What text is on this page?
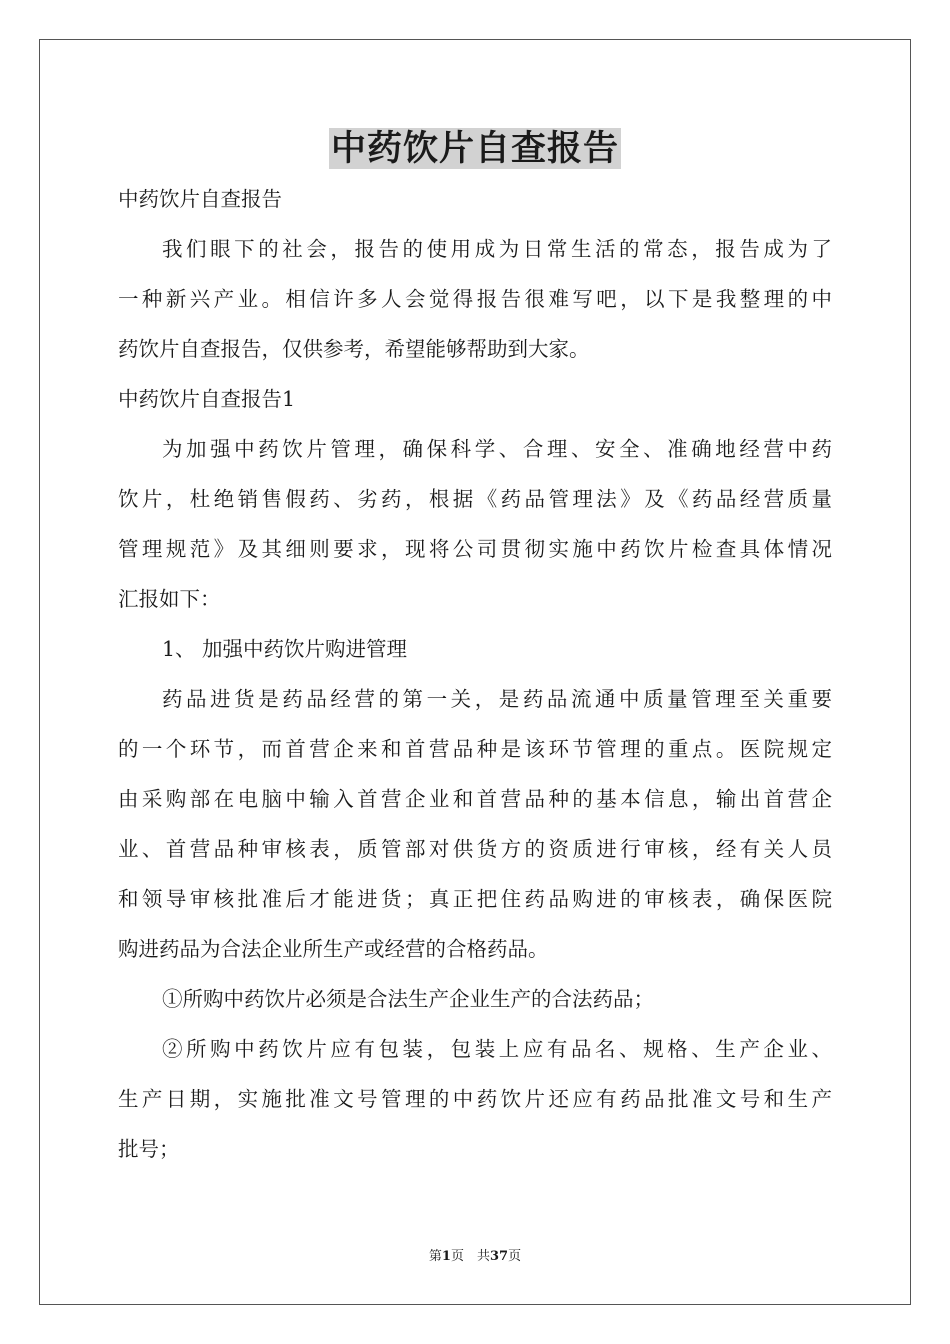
中药饮片自查报告
中药饮片自查报告
我们眼下的社会，报告的使用成为日常生活的常态，报告成为了
一种新兴产业。相信许多人会觉得报告很难写吧，以下是我整理的中
药饮片自查报告，仅供参考，希望能够帮助到大家。
中药饮片自查报告1
为加强中药饮片管理，确保科学、合理、安全、准确地经营中药
饮片，杜绝销售假药、劣药，根据《药品管理法》及《药品经营质量
管理规范》及其细则要求，现将公司贯彻实施中药饮片检查具体情况
汇报如下：
1、 加强中药饮片购进管理
药品进货是药品经营的第一关，是药品流通中质量管理至关重要
的一个环节，而首营企来和首营品种是该环节管理的重点。医院规定
由采购部在电脑中输入首营企业和首营品种的基本信息，输出首营企
业、首营品种审核表，质管部对供货方的资质进行审核，经有关人员
和领导审核批准后才能进货；真正把住药品购进的审核表，确保医院
购进药品为合法企业所生产或经营的合格药品。
①所购中药饮片必须是合法生产企业生产的合法药品；
②所购中药饮片应有包装，包装上应有品名、规格、生产企业、
生产日期，实施批准文号管理的中药饮片还应有药品批准文号和生产
批号；
第1页　共37页
